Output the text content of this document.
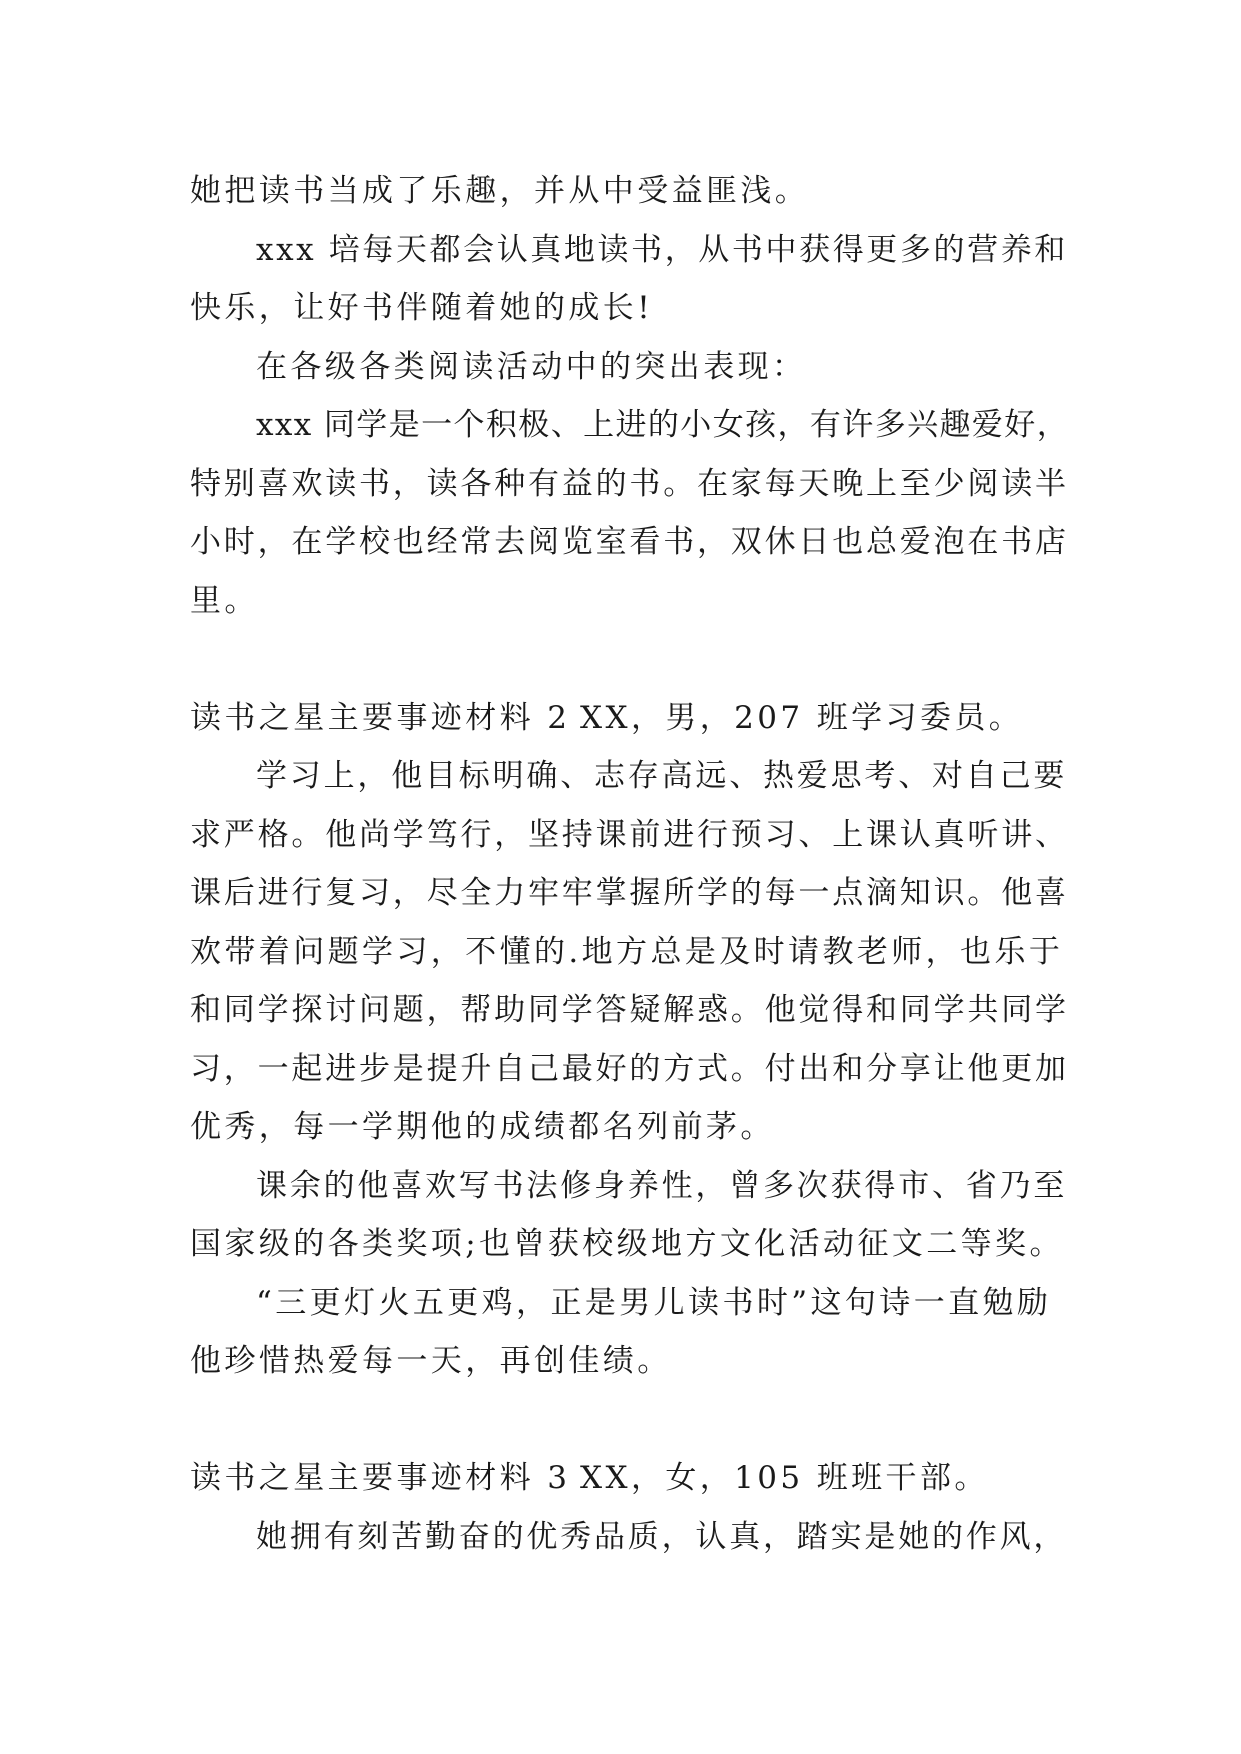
她把读书当成了乐趣，并从中受益匪浅。
xxx 培每天都会认真地读书，从书中获得更多的营养和
快乐，让好书伴随着她的成长!
在各级各类阅读活动中的突出表现：
xxx 同学是一个积极、上进的小女孩，有许多兴趣爱好，
特别喜欢读书，读各种有益的书。在家每天晚上至少阅读半
小时，在学校也经常去阅览室看书，双休日也总爱泡在书店
里。
读书之星主要事迹材料 2 XX，男，207 班学习委员。
学习上，他目标明确、志存高远、热爱思考、对自己要
求严格。他尚学笃行，坚持课前进行预习、上课认真听讲、
课后进行复习，尽全力牢牢掌握所学的每一点滴知识。他喜
欢带着问题学习，不懂的.地方总是及时请教老师，也乐于
和同学探讨问题，帮助同学答疑解惑。他觉得和同学共同学
习，一起进步是提升自己最好的方式。付出和分享让他更加
优秀，每一学期他的成绩都名列前茅。
课余的他喜欢写书法修身养性，曾多次获得市、省乃至
国家级的各类奖项;也曾获校级地方文化活动征文二等奖。
“三更灯火五更鸡，正是男儿读书时”这句诗一直勉励
他珍惜热爱每一天，再创佳绩。
读书之星主要事迹材料 3 XX，女，105 班班干部。
她拥有刻苦勤奋的优秀品质，认真，踏实是她的作风，
